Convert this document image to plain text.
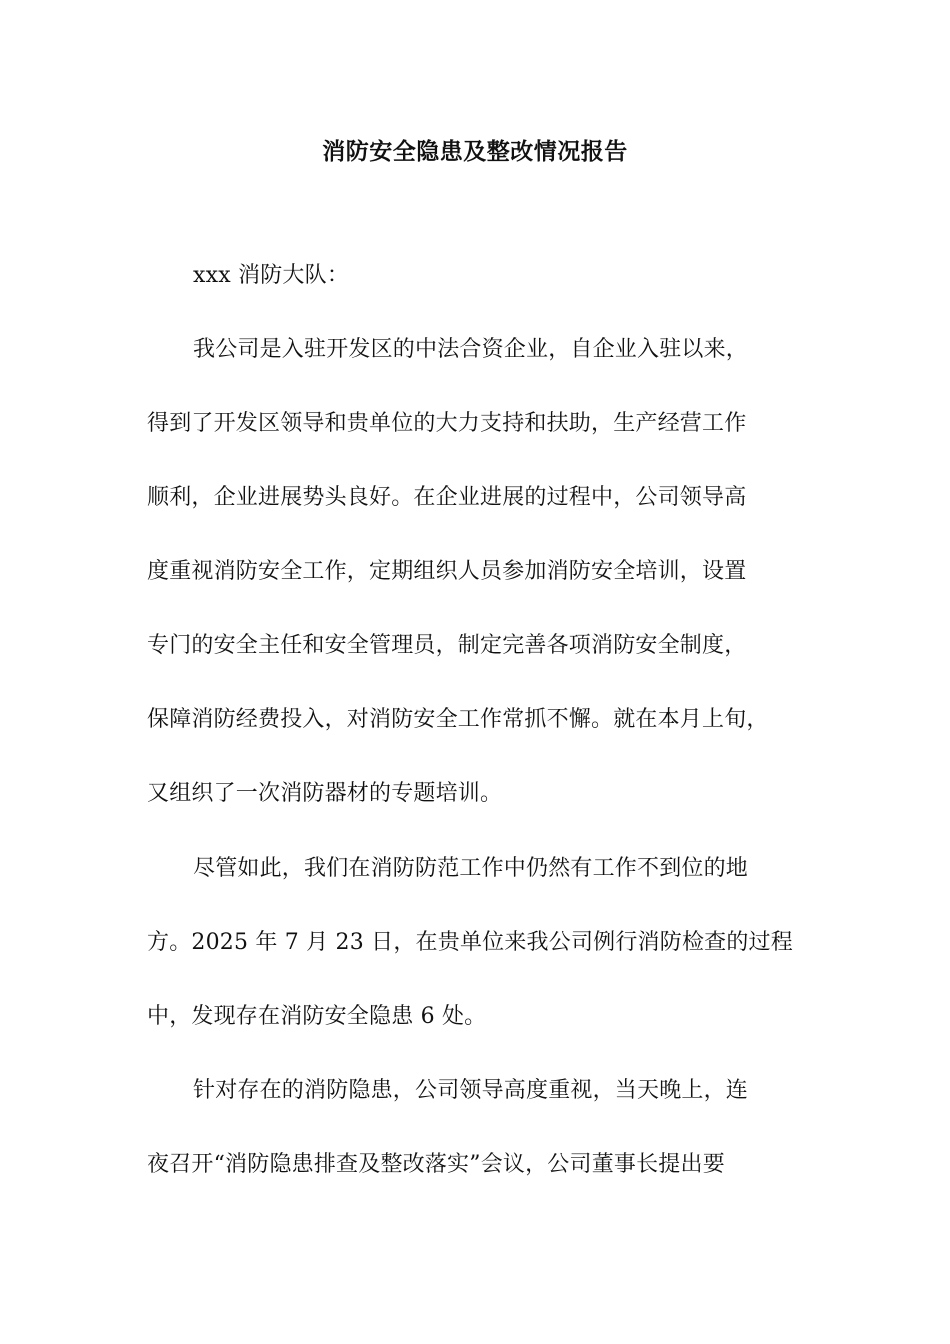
消防安全隐患及整改情况报告
xxx 消防大队：
我公司是入驻开发区的中法合资企业，自企业入驻以来，
得到了开发区领导和贵单位的大力支持和扶助，生产经营工作
顺利，企业进展势头良好。在企业进展的过程中，公司领导高
度重视消防安全工作，定期组织人员参加消防安全培训，设置
专门的安全主任和安全管理员，制定完善各项消防安全制度，
保障消防经费投入，对消防安全工作常抓不懈。就在本月上旬，
又组织了一次消防器材的专题培训。
尽管如此，我们在消防防范工作中仍然有工作不到位的地
方。2025 年 7 月 23 日，在贵单位来我公司例行消防检查的过程
中，发现存在消防安全隐患 6 处。
针对存在的消防隐患，公司领导高度重视，当天晚上，连
夜召开“消防隐患排查及整改落实”会议，公司董事长提出要
